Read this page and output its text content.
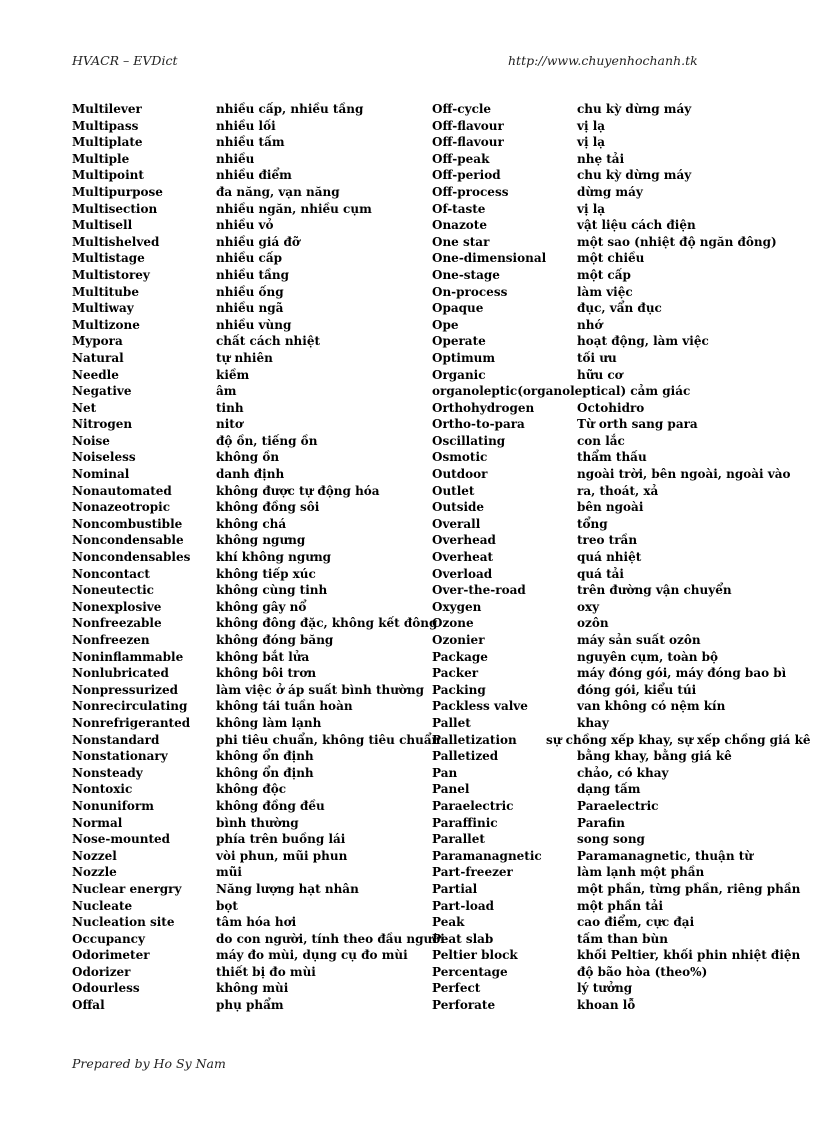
HVACR – EVDict	http://www.chuyenhochanh.tk
Multilever	nhiều cấp, nhiều tầng
Multipass	nhiều lối
Multiplate	nhiều tấm
Multiple	nhiều
Multipoint	nhiều điểm
Multipurpose	đa năng, vạn năng
Multisection	nhiều ngăn, nhiều cụm
Multisell	nhiều vỏ
Multishelved	nhiều giá đỡ
Multistage	nhiều cấp
Multistorey	nhiều tầng
Multitube	nhiều ống
Multiway	nhiều ngã
Multizone	nhiều vùng
Mypora	chất cách nhiệt
Natural	tự nhiên
Needle	kiềm
Negative	âm
Net	tinh
Nitrogen	nitơ
Noise	độ ồn, tiếng ồn
Noiseless	không ồn
Nominal	danh định
Nonautomated	không được tự động hóa
Nonazeotropic	không đồng sôi
Noncombustible	không chá
Noncondensable	không ngưng
Noncondensables khí không ngưng
Noncontact	không tiếp xúc
Noneutectic	không cùng tinh
Nonexplosive	không gây nổ
Nonfreezable	không đông đặc, không kết đông
Nonfreezen	không đóng băng
Noninflammable	không bắt lửa
Nonlubricated	không bôi trơn
Nonpressurized	làm việc ở áp suất bình thường
Nonrecirculating không tái tuần hoàn
Nonrefrigeranted không làm lạnh
Nonstandard	phi tiêu chuẩn, không tiêu chuẩn
Nonstationary	không ổn định
Nonsteady	không ổn định
Nontoxic	không độc
Nonuniform	không đồng đều
Normal	bình thường
Nose-mounted	phía trên buồng lái
Nozzel	vòi phun, mũi phun
Nozzle	mũi
Nuclear energry	Năng lượng hạt nhân
Nucleate	bọt
Nucleation site	tâm hóa hơi
Occupancy	do con người, tính theo đầu người
Odorimeter	máy đo mùi, dụng cụ đo mùi
Odorizer	thiết bị đo mùi
Odourless	không mùi
Offal	phụ phẩm
Off-cycle	chu kỳ dừng máy
Off-flavour	vị lạ
Off-flavour	vị lạ
Off-peak	nhẹ tải
Off-period	chu kỳ dừng máy
Off-process	dừng máy
Of-taste	vị lạ
Onazote	vật liệu cách điện
One star	một sao (nhiệt độ ngăn đông)
One-dimensional	một chiều
One-stage	một cấp
On-process	làm việc
Opaque	đục, vẩn đục
Ope	nhớ
Operate	hoạt động, làm việc
Optimum	tối ưu
Organic	hữu cơ
organoleptic(organoleptical) cảm giác
Orthohydrogen	Octohidro
Ortho-to-para	Từ orth sang para
Oscillating	con lắc
Osmotic	thẩm thấu
Outdoor	ngoài trời, bên ngoài, ngoài vào
Outlet	ra, thoát, xả
Outside	bên ngoài
Overall	tổng
Overhead	treo trần
Overheat	quá nhiệt
Overload	quá tải
Over-the-road	trên đường vận chuyển
Oxygen	oxy
Ozone	ozôn
Ozonier	máy sản suất ozôn
Package	nguyên cụm, toàn bộ
Packer	máy đóng gói, máy đóng bao bì
Packing	đóng gói, kiểu túi
Packless valve	van không có nệm kín
Pallet	khay
Palletization sự chồng xếp khay, sự xếp chồng giá kê
Palletized	bằng khay, bằng giá kê
Pan	chảo, có khay
Panel	dạng tấm
Paraelectric	Paraelectric
Paraffinic	Parafin
Parallet	song song
Paramanagnetic	Paramanagnetic, thuận từ
Part-freezer	làm lạnh một phần
Partial	một phần, từng phần, riêng phần
Part-load	một phần tải
Peak	cao điểm, cực đại
Peat slab	tấm than bùn
Peltier block	khối Peltier, khối phin nhiệt điện
Percentage	độ bão hòa (theo%)
Perfect	lý tưởng
Perforate	khoan lỗ
Prepared by Ho Sy Nam
